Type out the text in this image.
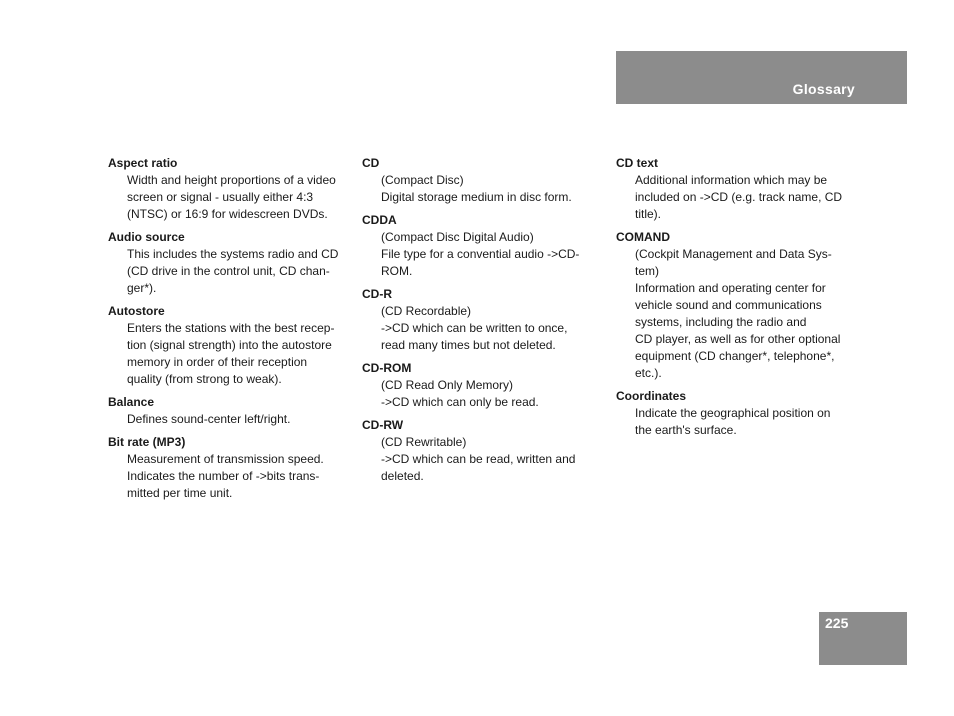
Glossary
Aspect ratio
Width and height proportions of a video
screen or signal - usually either 4:3
(NTSC) or 16:9 for widescreen DVDs.
Audio source
This includes the systems radio and CD
(CD drive in the control unit, CD chan-
ger*).
Autostore
Enters the stations with the best recep-
tion (signal strength) into the autostore
memory in order of their reception
quality (from strong to weak).
Balance
Defines sound-center left/right.
Bit rate (MP3)
Measurement of transmission speed.
Indicates the number of ->bits trans-
mitted per time unit.
CD
(Compact Disc)
Digital storage medium in disc form.
CDDA
(Compact Disc Digital Audio)
File type for a convential audio ->CD-
ROM.
CD-R
(CD Recordable)
->CD which can be written to once,
read many times but not deleted.
CD-ROM
(CD Read Only Memory)
->CD which can only be read.
CD-RW
(CD Rewritable)
->CD which can be read, written and
deleted.
CD text
Additional information which may be
included on ->CD (e.g. track name, CD
title).
COMAND
(Cockpit Management and Data Sys-
tem)
Information and operating center for
vehicle sound and communications
systems, including the radio and
CD player, as well as for other optional
equipment (CD changer*, telephone*,
etc.).
Coordinates
Indicate the geographical position on
the earth's surface.
225
